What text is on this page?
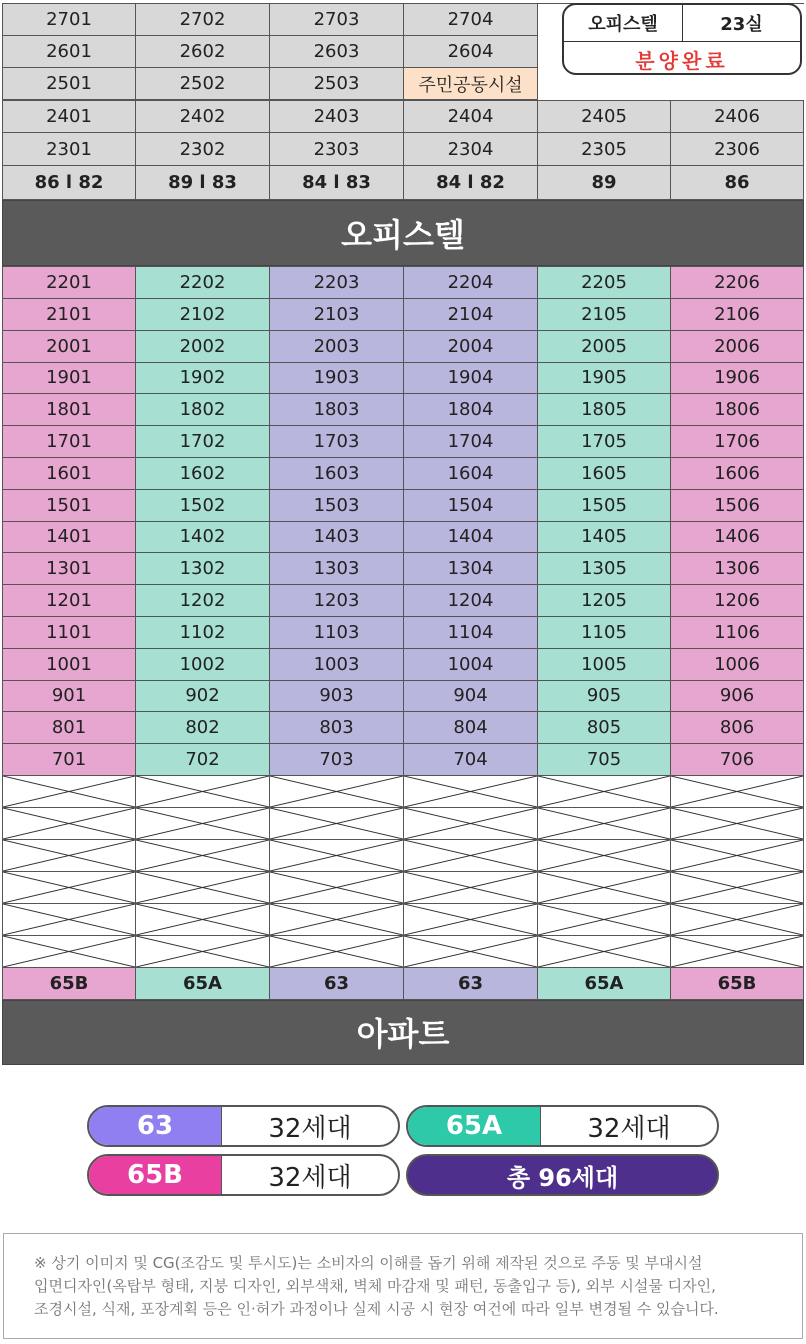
2701	2702	2703	2704
2601	2602	2603	2604
2501	2502	2503	주민공동시설
2401	2402	2403	2404	2405	2406
2301	2302	2303	2304	2305	2306
86 l 82	89 l 83	84 l 83	84 l 82	89	86
오피스텔
2201	2202	2203	2204	2205	2206
2101	2102	2103	2104	2105	2106
2001	2002	2003	2004	2005	2006
1901	1902	1903	1904	1905	1906
1801	1802	1803	1804	1805	1806
1701	1702	1703	1704	1705	1706
1601	1602	1603	1604	1605	1606
1501	1502	1503	1504	1505	1506
1401	1402	1403	1404	1405	1406
1301	1302	1303	1304	1305	1306
1201	1202	1203	1204	1205	1206
1101	1102	1103	1104	1105	1106
1001	1002	1003	1004	1005	1006
901	902	903	904	905	906
801	802	803	804	805	806
701	702	703	704	705	706
65B	65A	63	63	65A	65B
아파트
오피스텔	23실
분양완료
63	32세대	65A	32세대
65B	32세대	총 96세대
※ 상기 이미지 및 CG(조감도 및 투시도)는 소비자의 이해를 돕기 위해 제작된 것으로 주동 및 부대시설
입면디자인(옥탑부 형태, 지붕 디자인, 외부색채, 벽체 마감재 및 패턴, 동출입구 등), 외부 시설물 디자인,
조경시설, 식재, 포장계획 등은 인·허가 과정이나 실제 시공 시 현장 여건에 따라 일부 변경될 수 있습니다.
